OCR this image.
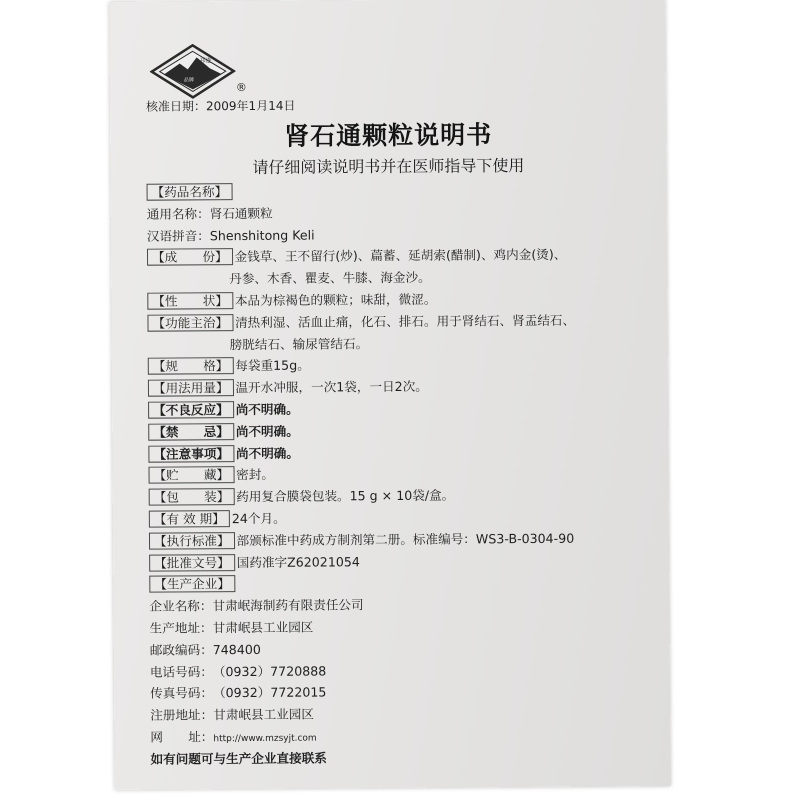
祁连
品牌
®
核准日期：2009年1月14日
肾石通颗粒说明书
请仔细阅读说明书并在医师指导下使用
【药品名称】
通用名称：肾石通颗粒
汉语拼音：Shenshitong Keli
【成　　份】 金钱草、王不留行(炒)、萹蓄、延胡索(醋制)、鸡内金(烫)、
丹参、木香、瞿麦、牛膝、海金沙。
【性　　状】 本品为棕褐色的颗粒；味甜，微涩。
【功能主治】 清热利湿、活血止痛，化石、排石。用于肾结石、肾盂结石、
膀胱结石、输尿管结石。
【规　　格】 每袋重15g。
【用法用量】 温开水冲服，一次1袋，一日2次。
【不良反应】 尚不明确。
【禁　　忌】 尚不明确。
【注意事项】 尚不明确。
【贮　　藏】 密封。
【包　　装】 药用复合膜袋包装。15 g × 10袋/盒。
【有 效 期】 24个月。
【执行标准】 部颁标准中药成方制剂第二册。标准编号：WS3-B-0304-90
【批准文号】 国药准字Z62021054
【生产企业】
企业名称：甘肃岷海制药有限责任公司
生产地址：甘肃岷县工业园区
邮政编码：748400
电话号码：（0932）7720888
传真号码：（0932）7722015
注册地址：甘肃岷县工业园区
网　　址：http://www.mzsyjt.com
如有问题可与生产企业直接联系
